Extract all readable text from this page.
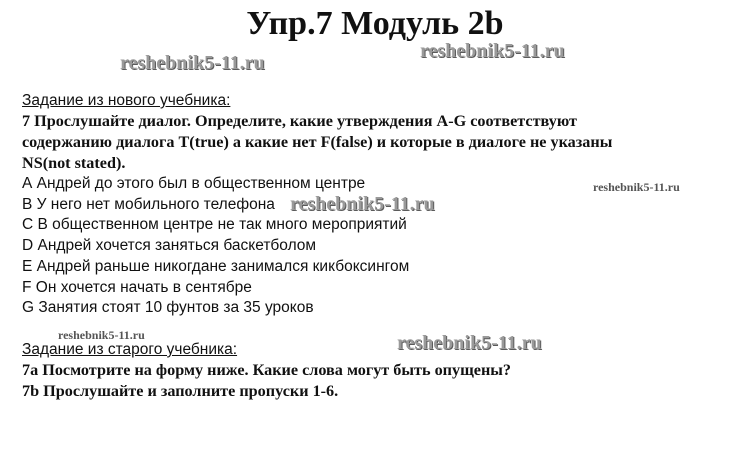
Упр.7 Модуль 2b
reshebnik5-11.ru
reshebnik5-11.ru
reshebnik5-11.ru
reshebnik5-11.ru
reshebnik5-11.ru	reshebnik5-11.ru
Задание из нового учебника:
7 Прослушайте диалог. Определите, какие утверждения A-G соответствуют
содержанию диалога T(true) а какие нет F(false) и которые в диалоге не указаны
NS(not stated).
А Андрей до этого был в общественном центре
B У него нет мобильного телефона
C В общественном центре не так много мероприятий
D Андрей хочется заняться баскетболом
E Андрей раньше никогдане занимался кикбоксингом
F Он хочется начать в сентябре
G Занятия стоят 10 фунтов за 35 уроков
Задание из старого учебника:
7a Посмотрите на форму ниже. Какие слова могут быть опущены?
7b Прослушайте и заполните пропуски 1-6.
